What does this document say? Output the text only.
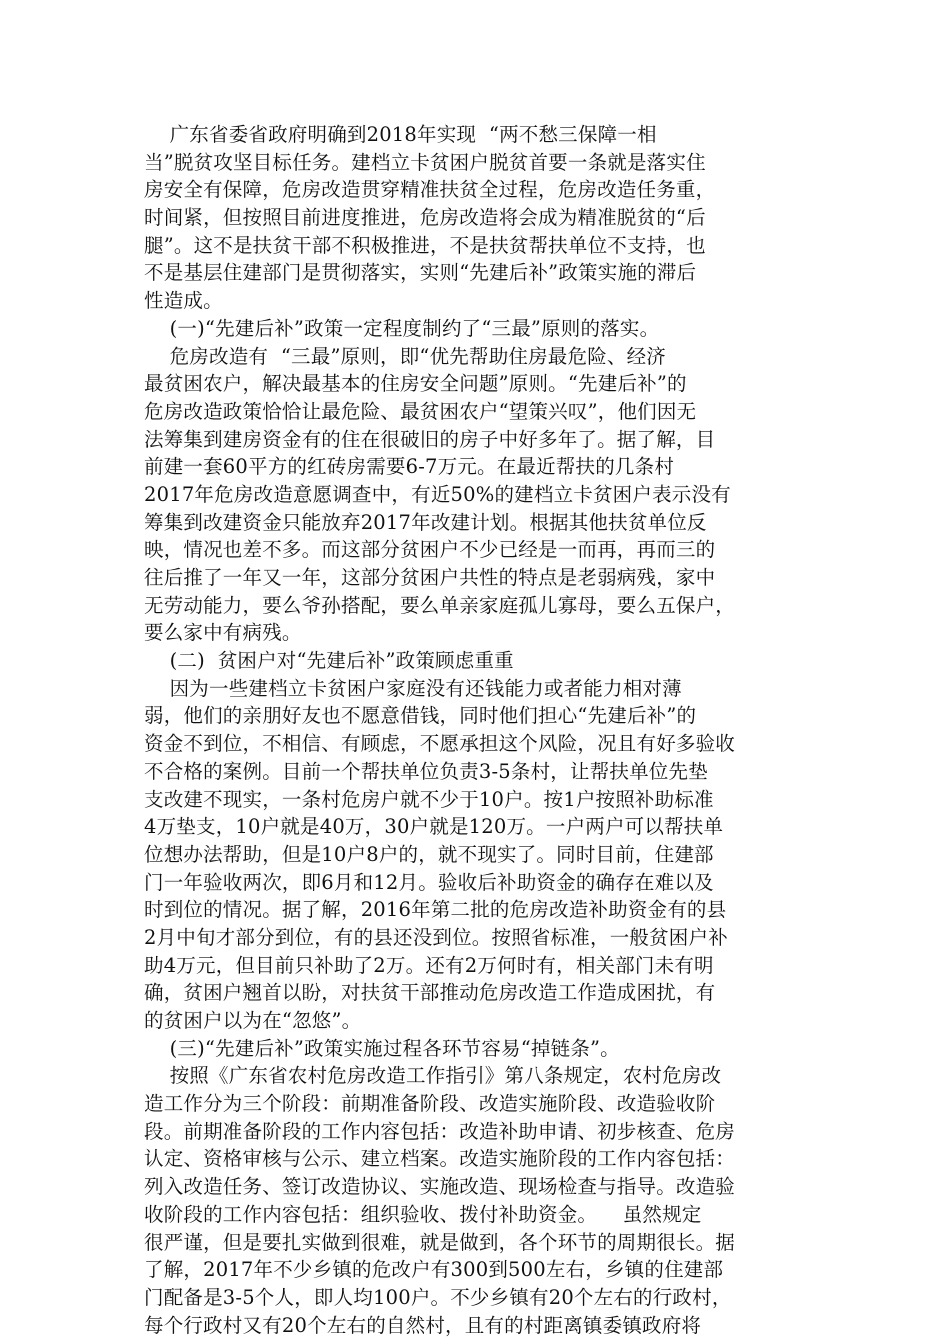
广东省委省政府明确到2018年实现  “两不愁三保障一相
当”脱贫攻坚目标任务。建档立卡贫困户脱贫首要一条就是落实住
房安全有保障，危房改造贯穿精准扶贫全过程，危房改造任务重，
时间紧，但按照目前进度推进，危房改造将会成为精准脱贫的“后
腿”。这不是扶贫干部不积极推进，不是扶贫帮扶单位不支持，也
不是基层住建部门是贯彻落实，实则“先建后补”政策实施的滞后
性造成。
(一)“先建后补”政策一定程度制约了“三最”原则的落实。
危房改造有  “三最”原则，即“优先帮助住房最危险、经济
最贫困农户，解决最基本的住房安全问题”原则。“先建后补”的
危房改造政策恰恰让最危险、最贫困农户“望策兴叹”，他们因无
法筹集到建房资金有的住在很破旧的房子中好多年了。据了解，目
前建一套60平方的红砖房需要6-7万元。在最近帮扶的几条村
2017年危房改造意愿调查中，有近50%的建档立卡贫困户表示没有
筹集到改建资金只能放弃2017年改建计划。根据其他扶贫单位反
映，情况也差不多。而这部分贫困户不少已经是一而再，再而三的
往后推了一年又一年，这部分贫困户共性的特点是老弱病残，家中
无劳动能力，要么爷孙搭配，要么单亲家庭孤儿寡母，要么五保户，
要么家中有病残。
(二)  贫困户对“先建后补”政策顾虑重重
因为一些建档立卡贫困户家庭没有还钱能力或者能力相对薄
弱，他们的亲朋好友也不愿意借钱，同时他们担心“先建后补”的
资金不到位，不相信、有顾虑，不愿承担这个风险，况且有好多验收
不合格的案例。目前一个帮扶单位负责3-5条村，让帮扶单位先垫
支改建不现实，一条村危房户就不少于10户。按1户按照补助标准
4万垫支，10户就是40万，30户就是120万。一户两户可以帮扶单
位想办法帮助，但是10户8户的，就不现实了。同时目前，住建部
门一年验收两次，即6月和12月。验收后补助资金的确存在难以及
时到位的情况。据了解，2016年第二批的危房改造补助资金有的县
2月中旬才部分到位，有的县还没到位。按照省标准，一般贫困户补
助4万元，但目前只补助了2万。还有2万何时有，相关部门未有明
确，贫困户翘首以盼，对扶贫干部推动危房改造工作造成困扰，有
的贫困户以为在“忽悠”。
(三)“先建后补”政策实施过程各环节容易“掉链条”。
按照《广东省农村危房改造工作指引》第八条规定，农村危房改
造工作分为三个阶段：前期准备阶段、改造实施阶段、改造验收阶
段。前期准备阶段的工作内容包括：改造补助申请、初步核查、危房
认定、资格审核与公示、建立档案。改造实施阶段的工作内容包括：
列入改造任务、签订改造协议、实施改造、现场检查与指导。改造验
收阶段的工作内容包括：组织验收、拨付补助资金。    虽然规定
很严谨，但是要扎实做到很难，就是做到，各个环节的周期很长。据
了解，2017年不少乡镇的危改户有300到500左右，乡镇的住建部
门配备是3-5个人，即人均100户。不少乡镇有20个左右的行政村，
每个行政村又有20个左右的自然村，且有的村距离镇委镇政府将
